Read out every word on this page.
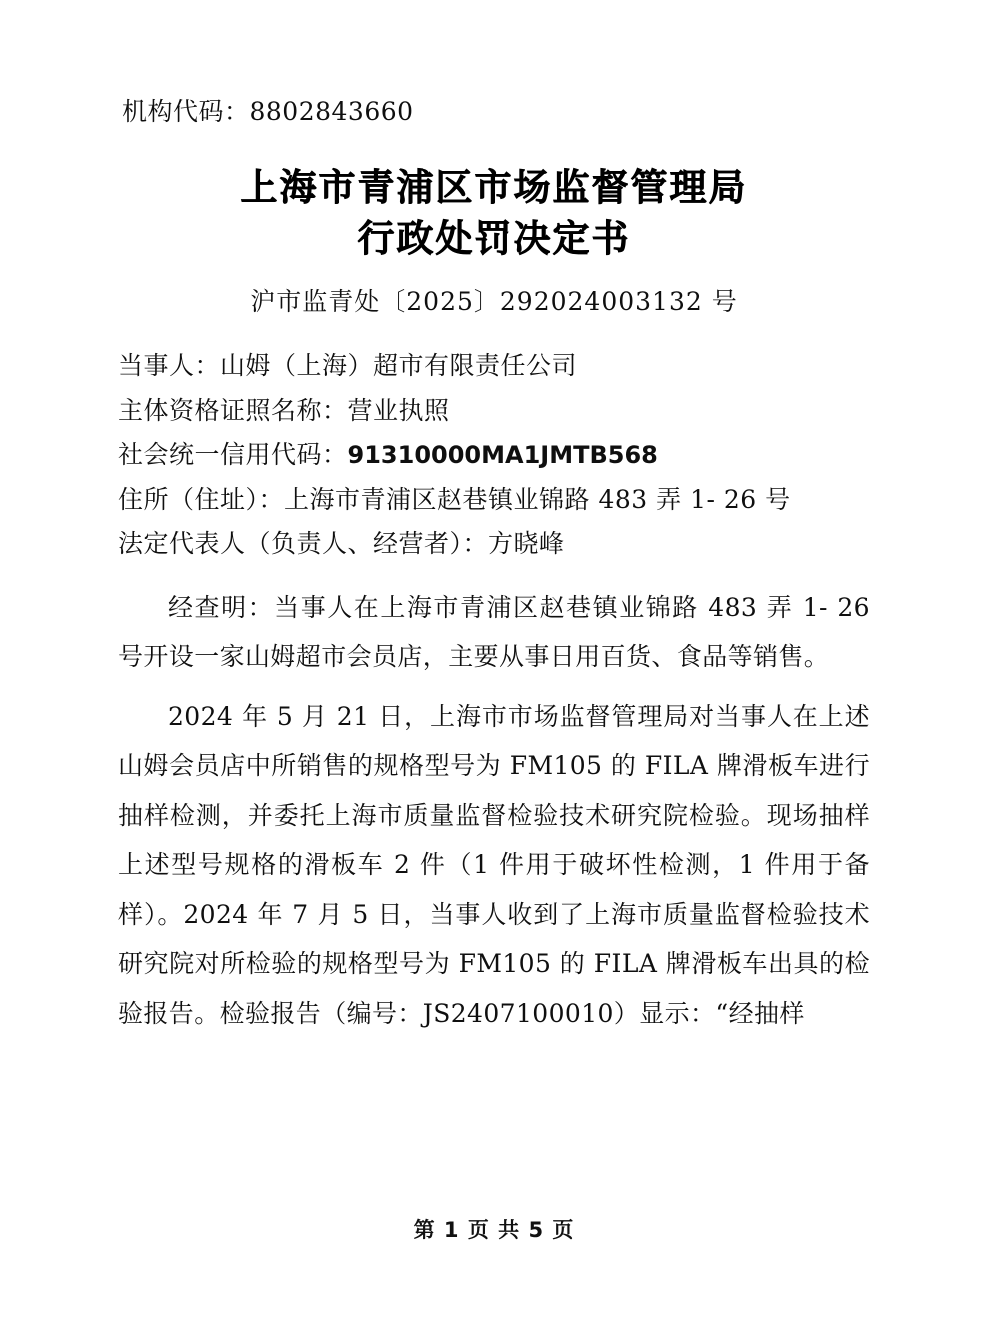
机构代码：8802843660
上海市青浦区市场监督管理局
行政处罚决定书
沪市监青处〔2025〕292024003132 号
当事人：山姆（上海）超市有限责任公司
主体资格证照名称：营业执照
社会统一信用代码：91310000MA1JMTB568
住所（住址）：上海市青浦区赵巷镇业锦路 483 弄 1- 26 号
法定代表人（负责人、经营者）：方晓峰

经查明：当事人在上海市青浦区赵巷镇业锦路 483 弄 1- 26 号开设一家山姆超市会员店，主要从事日用百货、食品等销售。

2024 年 5 月 21 日，上海市市场监督管理局对当事人在上述山姆会员店中所销售的规格型号为 FM105 的 FILA 牌滑板车进行抽样检测，并委托上海市质量监督检验技术研究院检验。现场抽样上述型号规格的滑板车 2 件（1 件用于破坏性检测，1 件用于备样）。2024 年 7 月 5 日，当事人收到了上海市质量监督检验技术研究院对所检验的规格型号为 FM105 的 FILA 牌滑板车出具的检验报告。检验报告（编号：JS2407100010）显示：“经抽样

第 1 页 共 5 页
